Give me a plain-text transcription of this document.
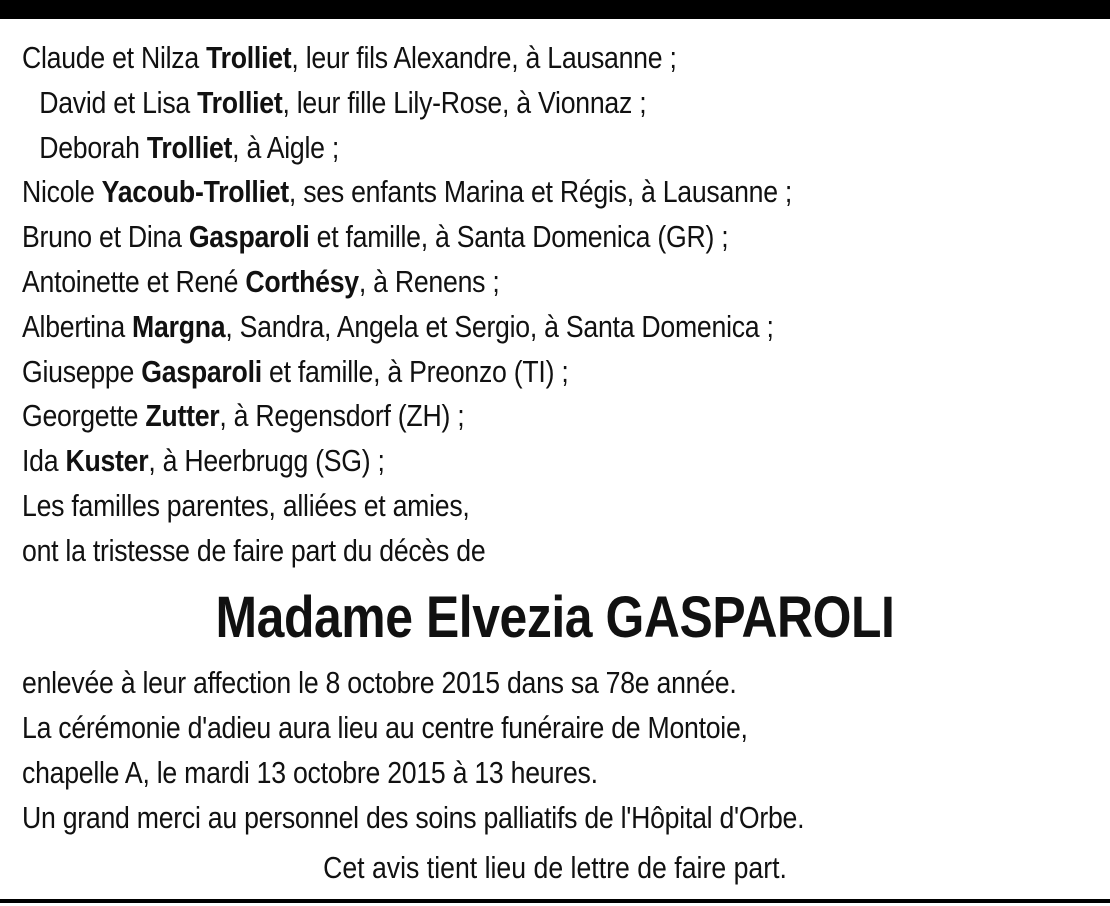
Claude et Nilza Trolliet, leur fils Alexandre, à Lausanne ;
David et Lisa Trolliet, leur fille Lily-Rose, à Vionnaz ;
Deborah Trolliet, à Aigle ;
Nicole Yacoub-Trolliet, ses enfants Marina et Régis, à Lausanne ;
Bruno et Dina Gasparoli et famille, à Santa Domenica (GR) ;
Antoinette et René Corthésy, à Renens ;
Albertina Margna, Sandra, Angela et Sergio, à Santa Domenica ;
Giuseppe Gasparoli et famille, à Preonzo (TI) ;
Georgette Zutter, à Regensdorf (ZH) ;
Ida Kuster, à Heerbrugg (SG) ;
Les familles parentes, alliées et amies,
ont la tristesse de faire part du décès de
Madame Elvezia GASPAROLI
enlevée à leur affection le 8 octobre 2015 dans sa 78e année.
La cérémonie d'adieu aura lieu au centre funéraire de Montoie,
chapelle A, le mardi 13 octobre 2015 à 13 heures.
Un grand merci au personnel des soins palliatifs de l'Hôpital d'Orbe.
Cet avis tient lieu de lettre de faire part.
